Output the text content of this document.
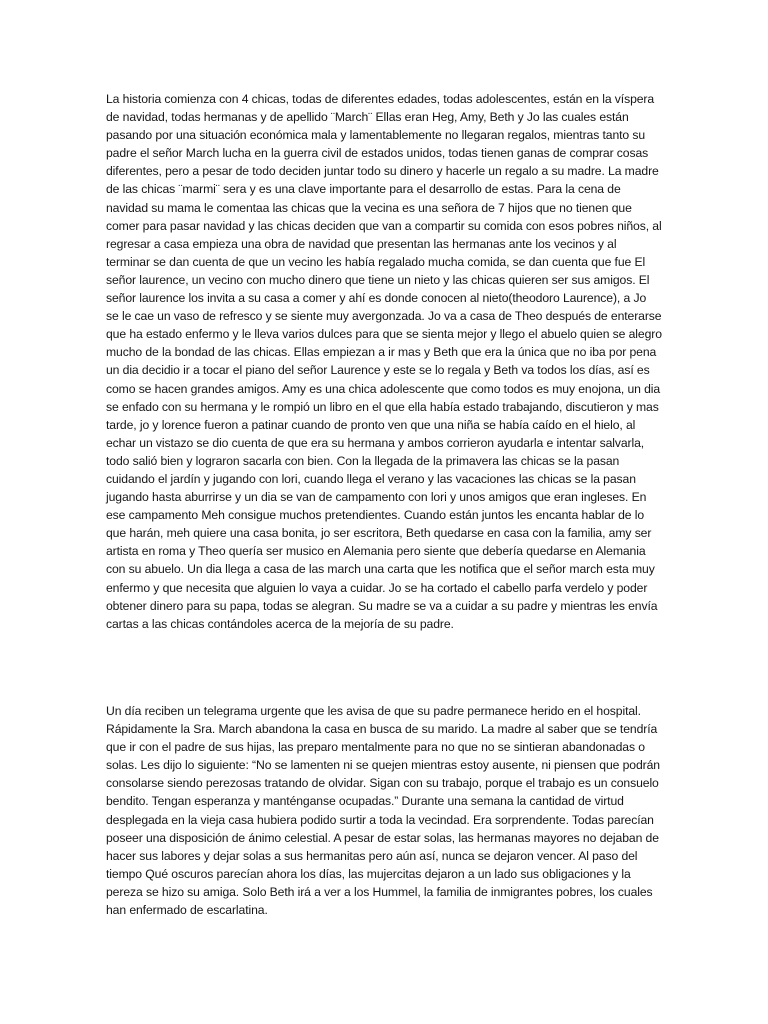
La historia comienza con 4 chicas, todas de diferentes edades, todas adolescentes, están en la víspera de navidad, todas hermanas y de apellido ¨March¨ Ellas eran Heg, Amy, Beth y Jo las cuales están pasando por una situación económica mala y lamentablemente no llegaran regalos, mientras tanto su padre el señor March lucha en la guerra civil de estados unidos, todas tienen ganas de comprar cosas diferentes, pero a pesar de todo deciden juntar todo su dinero y hacerle un regalo a su madre. La madre de las chicas ¨marmi¨ sera y es una clave importante para el desarrollo de estas. Para la cena de navidad su mama le comentaa las chicas que la vecina es una señora de 7 hijos que no tienen que comer para pasar navidad y las chicas deciden que van a compartir su comida con esos pobres niños, al regresar a casa empieza una obra de navidad que presentan las hermanas ante los vecinos y al terminar se dan cuenta de que un vecino les había regalado mucha comida, se dan cuenta que fue El señor laurence, un vecino con mucho dinero que tiene un nieto y las chicas quieren ser sus amigos. El señor laurence los invita a su casa a comer y ahí es donde conocen al nieto(theodoro Laurence), a Jo se le cae un vaso de refresco y se siente muy avergonzada. Jo va a casa de Theo después de enterarse que ha estado enfermo y le lleva varios dulces para que se sienta mejor y llego el abuelo quien se alegro mucho de la bondad de las chicas. Ellas empiezan a ir mas y Beth que era la única que no iba por pena un dia decidio ir a tocar el piano del señor Laurence y este se lo regala y Beth va todos los días, así es como se hacen grandes amigos. Amy es una chica adolescente que como todos es muy enojona, un dia se enfado con su hermana y le rompió un libro en el que ella había estado trabajando, discutieron y mas tarde, jo y lorence fueron a patinar cuando de pronto ven que una niña se había caído en el hielo, al echar un vistazo se dio cuenta de que era su hermana y ambos corrieron ayudarla e intentar salvarla, todo salió bien y lograron sacarla con bien. Con la llegada de la primavera las chicas se la pasan cuidando el jardín y jugando con lori, cuando llega el verano y las vacaciones las chicas se la pasan jugando hasta aburrirse y un dia se van de campamento con lori y unos amigos que eran ingleses. En ese campamento Meh consigue muchos pretendientes. Cuando están juntos les encanta hablar de lo que harán, meh quiere una casa bonita, jo ser escritora, Beth quedarse en casa con la familia, amy ser artista en roma y Theo quería ser musico en Alemania pero siente que debería quedarse en Alemania con su abuelo. Un dia llega a casa de las march una carta que les notifica que el señor march esta muy enfermo y que necesita que alguien lo vaya a cuidar. Jo se ha cortado el cabello parfa verdelo y poder obtener dinero para su papa, todas se alegran. Su madre se va a cuidar a su padre y mientras les envía cartas a las chicas contándoles acerca de la mejoría de su padre.

Un día reciben un telegrama urgente que les avisa de que su padre permanece herido en el hospital. Rápidamente la Sra. March abandona la casa en busca de su marido. La madre al saber que se tendría que ir con el padre de sus hijas, las preparo mentalmente para no que no se sintieran abandonadas o solas. Les dijo lo siguiente: “No se lamenten ni se quejen mientras estoy ausente, ni piensen que podrán consolarse siendo perezosas tratando de olvidar. Sigan con su trabajo, porque el trabajo es un consuelo bendito. Tengan esperanza y manténganse ocupadas.” Durante una semana la cantidad de virtud desplegada en la vieja casa hubiera podido surtir a toda la vecindad. Era sorprendente. Todas parecían poseer una disposición de ánimo celestial. A pesar de estar solas, las hermanas mayores no dejaban de hacer sus labores y dejar solas a sus hermanitas pero aún así, nunca se dejaron vencer. Al paso del tiempo Qué oscuros parecían ahora los días, las mujercitas dejaron a un lado sus obligaciones y la pereza se hizo su amiga. Solo Beth irá a ver a los Hummel, la familia de inmigrantes pobres, los cuales han enfermado de escarlatina.
